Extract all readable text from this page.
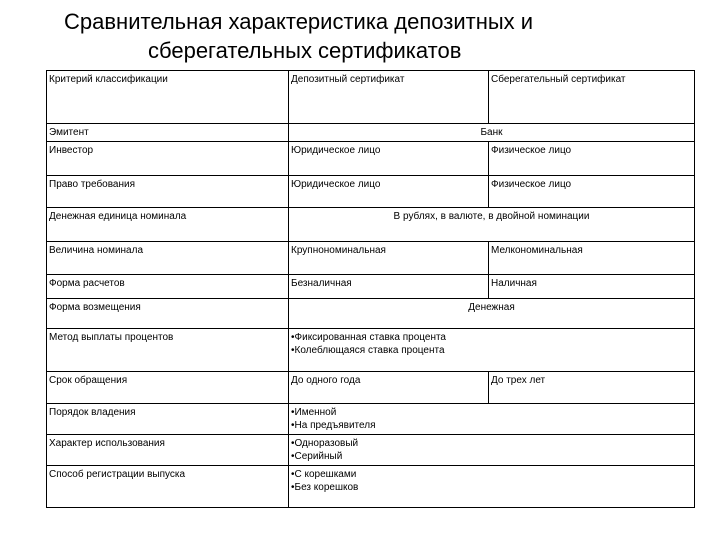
Сравнительная характеристика депозитных и
сберегательных сертификатов
Критерий классификации	Депозитный сертификат	Сберегательный сертификат
Эмитент	Банк	
Инвестор	Юридическое лицо	Физическое лицо
Право требования	Юридическое лицо	Физическое лицо
Денежная единица номинала	В рублях, в валюте, в двойной номинации	
Величина номинала	Крупнономинальная	Мелкономинальная
Форма расчетов	Безналичная	Наличная
Форма возмещения	Денежная	
Метод выплаты процентов	•Фиксированная ставка процента
•Колеблющаяся ставка процента	

Срок обращения	До одного года	До трех лет
Порядок владения	•Именной
•На предъявителя	

Характер использования	•Одноразовый
•Серийный	

Способ регистрации выпуска	•С корешками
•Без корешков	
